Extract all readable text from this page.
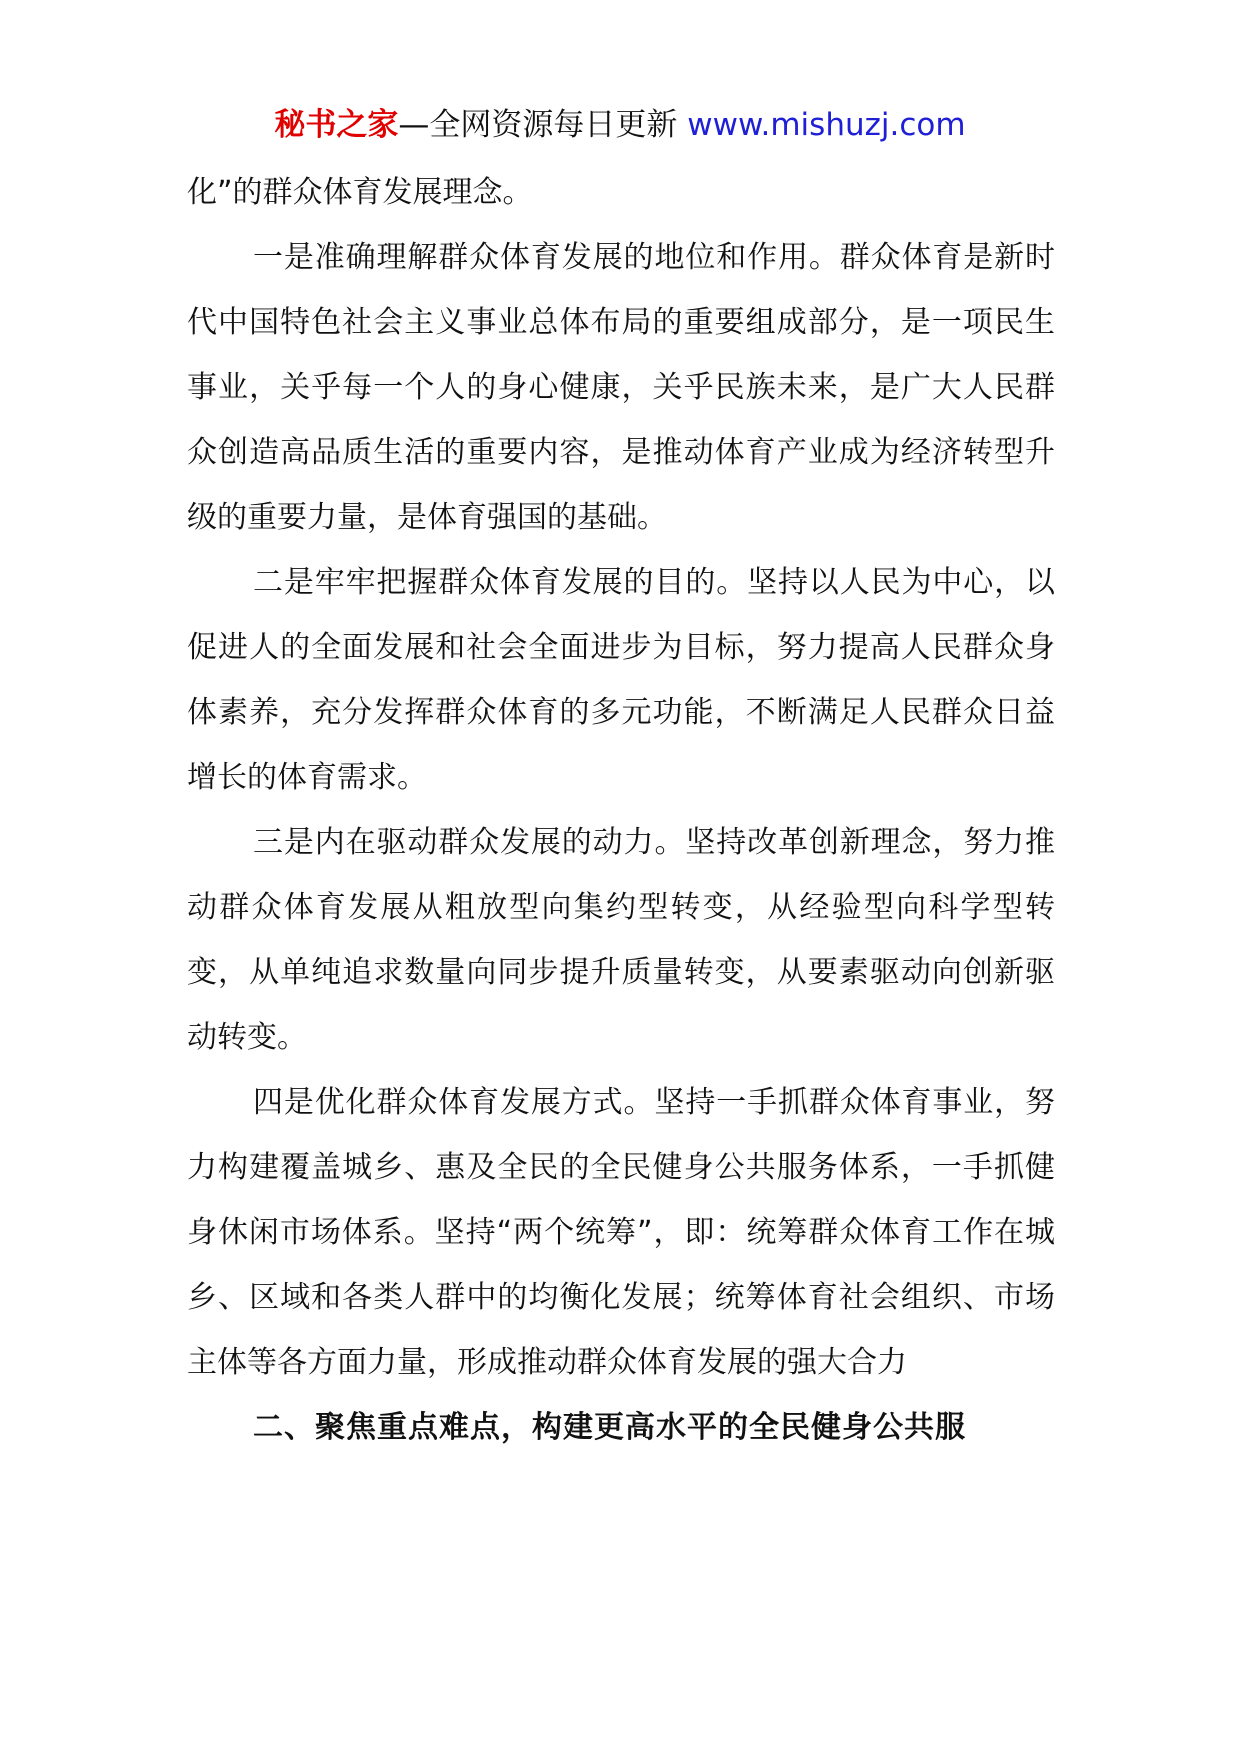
秘书之家—全网资源每日更新 www.mishuzj.com

化”的群众体育发展理念。

一是准确理解群众体育发展的地位和作用。群众体育是新时代中国特色社会主义事业总体布局的重要组成部分，是一项民生事业，关乎每一个人的身心健康，关乎民族未来，是广大人民群众创造高品质生活的重要内容，是推动体育产业成为经济转型升级的重要力量，是体育强国的基础。

二是牢牢把握群众体育发展的目的。坚持以人民为中心，以促进人的全面发展和社会全面进步为目标，努力提高人民群众身体素养，充分发挥群众体育的多元功能，不断满足人民群众日益增长的体育需求。

三是内在驱动群众发展的动力。坚持改革创新理念，努力推动群众体育发展从粗放型向集约型转变，从经验型向科学型转变，从单纯追求数量向同步提升质量转变，从要素驱动向创新驱动转变。

四是优化群众体育发展方式。坚持一手抓群众体育事业，努力构建覆盖城乡、惠及全民的全民健身公共服务体系，一手抓健身休闲市场体系。坚持“两个统筹”，即：统筹群众体育工作在城乡、区域和各类人群中的均衡化发展；统筹体育社会组织、市场主体等各方面力量，形成推动群众体育发展的强大合力

二、聚焦重点难点，构建更高水平的全民健身公共服
